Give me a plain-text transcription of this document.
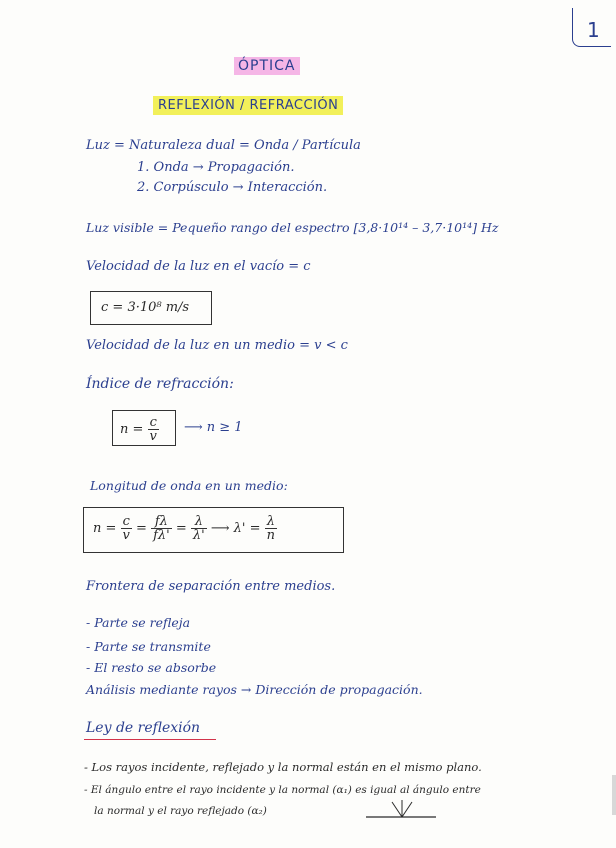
1
ÓPTICA
REFLEXIÓN / REFRACCIÓN
Luz = Naturaleza dual = Onda / Partícula
1. Onda → Propagación.
2. Corpúsculo → Interacción.
Luz visible = Pequeño rango del espectro [3,8·10¹⁴ – 3,7·10¹⁴] Hz
Velocidad de la luz en el vacío = c
c = 3·10⁸ m/s
Velocidad de la luz en un medio = v < c
Índice de refracción:
$n = \frac{c}{v}$ ⟶ n ≥ 1
Longitud de onda en un medio:
$n = \frac{c}{v} = \frac{f\lambda}{f\lambda'} = \frac{\lambda}{\lambda'}$ ⟶ $\lambda' = \frac{\lambda}{n}$
Frontera de separación entre medios.
- Parte se refleja
- Parte se transmite
- El resto se absorbe
Análisis mediante rayos → Dirección de propagación.
Ley de reflexión
- Los rayos incidente, reflejado y la normal están en el mismo plano.
- El ángulo entre el rayo incidente y la normal (α₁) es igual al ángulo entre
la normal y el rayo reflejado (α₂)
